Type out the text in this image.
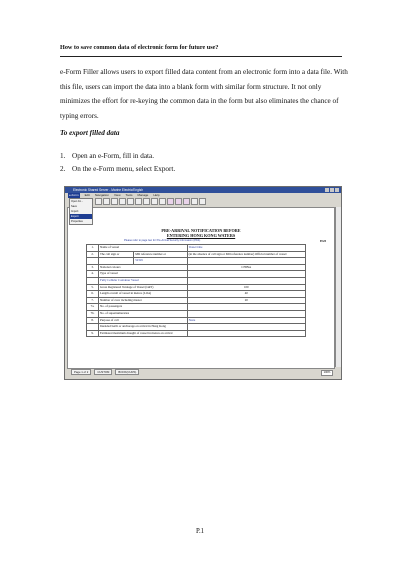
How to save common data of electronic form for future use?
e-Form Filler allows users to export filled data content from an electronic form into a data file. With this file, users can import the data into a blank form with similar form structure. It not only minimizes the effort for re-keying the common data in the form but also eliminates the chance of typing errors.
To export filled data
1. Open an e-Form, fill in data.
2. On the e-Form menu, select Export.
Electronic Shared Server - Marine Electric/Englsh
e-Form	Edit Navigation View Tools Manage Help
PRE-ARRIVAL NOTIFICATION BEFORE
ENTERING HONG KONG WATERS
Please refer to page two for Pre-Arrival Security Information (PAS).	P.1/2
1.	Name of vessel		Vessel One
2.	The call sign or	MD reference number or	(in the absence of call sign or MD reference number) Official number of vessel
		52345	
3.	National colours		CHINA
4.	Type of vessel		
	Fully Cellular Container Vessel		
5.	Gross Registered Tonnage of Vessel (GRT)		100
6.	Length overall of vessel in metres (LOA)		40
7.	Number of crew including master		20
7a.	No. of passengers		
7b.	No. of supernumeraries		
8.	Purpose of call		None
	Intended berth or anchorage on arrival in Hong Kong		
9.	Estimated maximum draught of vessel in metres on arrival		
Open Fo...
Save
Import
Export
Properties
Page 1 of 2	CUSTOM	BOOK(CURS)	100%
P.1
